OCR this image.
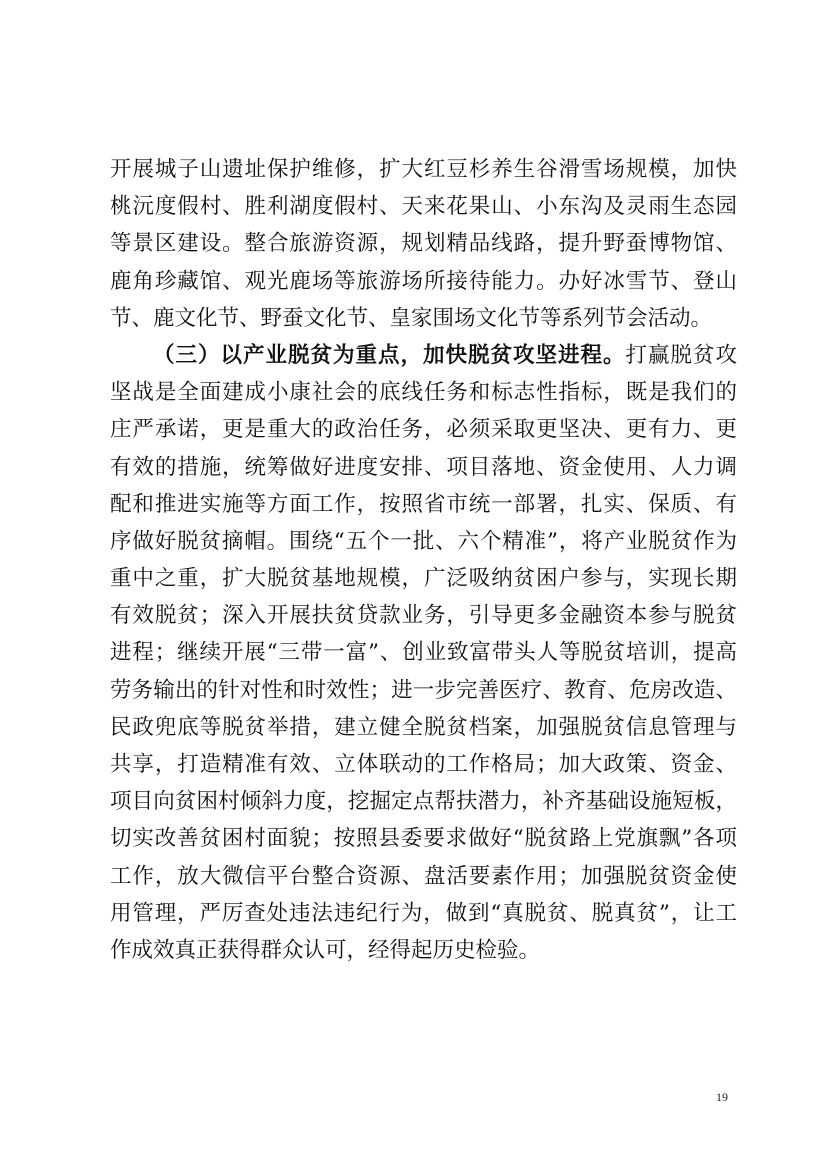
开展城子山遗址保护维修，扩大红豆杉养生谷滑雪场规模，加快
桃沅度假村、胜利湖度假村、天来花果山、小东沟及灵雨生态园
等景区建设。整合旅游资源，规划精品线路，提升野蚕博物馆、
鹿角珍藏馆、观光鹿场等旅游场所接待能力。办好冰雪节、登山
节、鹿文化节、野蚕文化节、皇家围场文化节等系列节会活动。
（三）以产业脱贫为重点，加快脱贫攻坚进程。打赢脱贫攻
坚战是全面建成小康社会的底线任务和标志性指标，既是我们的
庄严承诺，更是重大的政治任务，必须采取更坚决、更有力、更
有效的措施，统筹做好进度安排、项目落地、资金使用、人力调
配和推进实施等方面工作，按照省市统一部署，扎实、保质、有
序做好脱贫摘帽。围绕“五个一批、六个精准”，将产业脱贫作为
重中之重，扩大脱贫基地规模，广泛吸纳贫困户参与，实现长期
有效脱贫；深入开展扶贫贷款业务，引导更多金融资本参与脱贫
进程；继续开展“三带一富”、创业致富带头人等脱贫培训，提高
劳务输出的针对性和时效性；进一步完善医疗、教育、危房改造、
民政兜底等脱贫举措，建立健全脱贫档案，加强脱贫信息管理与
共享，打造精准有效、立体联动的工作格局；加大政策、资金、
项目向贫困村倾斜力度，挖掘定点帮扶潜力，补齐基础设施短板，
切实改善贫困村面貌；按照县委要求做好“脱贫路上党旗飘”各项
工作，放大微信平台整合资源、盘活要素作用；加强脱贫资金使
用管理，严厉查处违法违纪行为，做到“真脱贫、脱真贫”，让工
作成效真正获得群众认可，经得起历史检验。
19
